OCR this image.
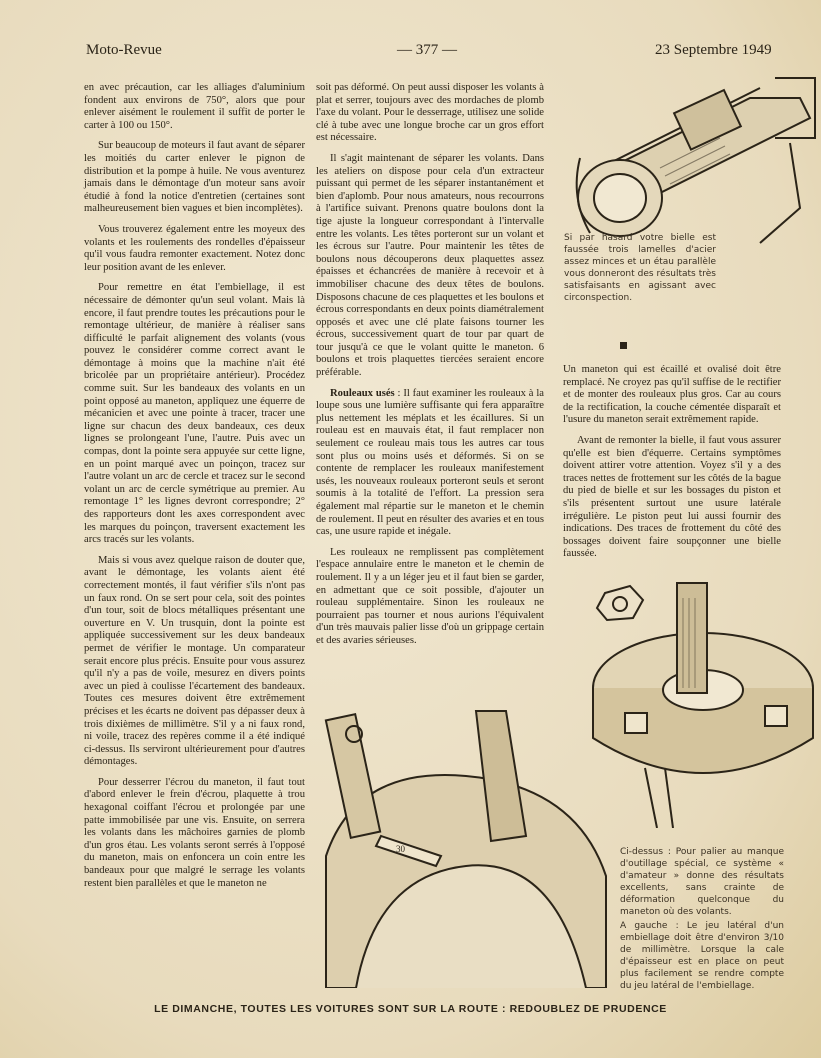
Moto-Revue	— 377 —	23 Septembre 1949

en avec précaution, car les alliages d'aluminium fondent aux environs de 750°, alors que pour enlever aisément le roulement il suffit de porter le carter à 100 ou 150°.

Sur beaucoup de moteurs il faut avant de séparer les moitiés du carter enlever le pignon de distribution et la pompe à huile. Ne vous aventurez jamais dans le démontage d'un moteur sans avoir étudié à fond la notice d'entretien (certaines sont malheureusement bien vagues et bien incomplètes).

Vous trouverez également entre les moyeux des volants et les roulements des rondelles d'épaisseur qu'il vous faudra remonter exactement. Notez donc leur position avant de les enlever.

Pour remettre en état l'embiellage, il est nécessaire de démonter qu'un seul volant. Mais là encore, il faut prendre toutes les précautions pour le remontage ultérieur, de manière à réaliser sans difficulté le parfait alignement des volants (vous pouvez le considérer comme correct avant le démontage à moins que la machine n'ait été bricolée par un propriétaire antérieur). Procédez comme suit. Sur les bandeaux des volants en un point opposé au maneton, appliquez une équerre de mécanicien et avec une pointe à tracer, tracer une ligne sur chacun des deux bandeaux, ces deux lignes se prolongeant l'une, l'autre. Puis avec un compas, dont la pointe sera appuyée sur cette ligne, en un point marqué avec un poinçon, tracez sur l'autre volant un arc de cercle et tracez sur le second volant un arc de cercle symétrique au premier. Au remontage 1° les lignes devront correspondre; 2° des rapporteurs dont les axes correspondent avec les marques du poinçon, traversent exactement les arcs tracés sur les volants.

Mais si vous avez quelque raison de douter que, avant le démontage, les volants aient été correctement montés, il faut vérifier s'ils n'ont pas un faux rond. On se sert pour cela, soit des pointes d'un tour, soit de blocs métalliques présentant une ouverture en V. Un trusquin, dont la pointe est appliquée successivement sur les deux bandeaux permet de vérifier le montage. Un comparateur serait encore plus précis. Ensuite pour vous assurez qu'il n'y a pas de voile, mesurez en divers points avec un pied à coulisse l'écartement des bandeaux. Toutes ces mesures doivent être extrêmement précises et les écarts ne doivent pas dépasser deux à trois dixièmes de millimètre. S'il y a ni faux rond, ni voile, tracez des repères comme il a été indiqué ci-dessus. Ils serviront ultérieurement pour d'autres démontages.

Pour desserrer l'écrou du maneton, il faut tout d'abord enlever le frein d'écrou, plaquette à trou hexagonal coiffant l'écrou et prolongée par une patte immobilisée par une vis. Ensuite, on serrera les volants dans les mâchoires garnies de plomb d'un gros étau. Les volants seront serrés à l'opposé du maneton, mais on enfoncera un coin entre les bandeaux pour que malgré le serrage les volants restent bien parallèles et que le maneton ne

soit pas déformé. On peut aussi disposer les volants à plat et serrer, toujours avec des mordaches de plomb l'axe du volant. Pour le desserrage, utilisez une solide clé à tube avec une longue broche car un gros effort est nécessaire.

Il s'agit maintenant de séparer les volants. Dans les ateliers on dispose pour cela d'un extracteur puissant qui permet de les séparer instantanément et bien d'aplomb. Pour nous amateurs, nous recourrons à l'artifice suivant. Prenons quatre boulons dont la tige ajuste la longueur correspondant à l'intervalle entre les volants. Les têtes porteront sur un volant et les écrous sur l'autre. Pour maintenir les têtes de boulons nous découperons deux plaquettes assez épaisses et échancrées de manière à recevoir et à immobiliser chacune des deux têtes de boulons. Disposons chacune de ces plaquettes et les boulons et écrous correspondants en deux points diamétralement opposés et avec une clé plate faisons tourner les écrous, successivement quart de tour par quart de tour jusqu'à ce que le volant quitte le maneton. 6 boulons et trois plaquettes tiercées seraient encore préférable.

Rouleaux usés : Il faut examiner les rouleaux à la loupe sous une lumière suffisante qui fera apparaître plus nettement les méplats et les écaillures. Si un rouleau est en mauvais état, il faut remplacer non seulement ce rouleau mais tous les autres car tous sont plus ou moins usés et déformés. Si on se contente de remplacer les rouleaux manifestement usés, les nouveaux rouleaux porteront seuls et seront soumis à la totalité de l'effort. La pression sera également mal répartie sur le maneton et le chemin de roulement. Il peut en résulter des avaries et en tous cas, une usure rapide et inégale.

Les rouleaux ne remplissent pas complètement l'espace annulaire entre le maneton et le chemin de roulement. Il y a un léger jeu et il faut bien se garder, en admettant que ce soit possible, d'ajouter un rouleau supplémentaire. Sinon les rouleaux ne pourraient pas tourner et nous aurions l'équivalent d'un très mauvais palier lisse d'où un grippage certain et des avaries sérieuses.

Si par hasard votre bielle est faussée trois lamelles d'acier assez minces et un étau parallèle vous donneront des résultats très satisfaisants en agissant avec circonspection.

Un maneton qui est écaillé et ovalisé doit être remplacé. Ne croyez pas qu'il suffise de le rectifier et de monter des rouleaux plus gros. Car au cours de la rectification, la couche cémentée disparaît et l'usure du maneton serait extrêmement rapide.

Avant de remonter la bielle, il faut vous assurer qu'elle est bien d'équerre. Certains symptômes doivent attirer votre attention. Voyez s'il y a des traces nettes de frottement sur les côtés de la bague du pied de bielle et sur les bossages du piston et s'ils présentent surtout une usure latérale irrégulière. Le piston peut lui aussi fournir des indications. Des traces de frottement du côté des bossages doivent faire soupçonner une bielle faussée.

Ci-dessus : Pour palier au manque d'outillage spécial, ce système « d'amateur » donne des résultats excellents, sans crainte de déformation quelconque du maneton où des volants.

A gauche : Le jeu latéral d'un embiellage doit être d'environ 3/10 de millimètre. Lorsque la cale d'épaisseur est en place on peut plus facilement se rendre compte du jeu latéral de l'embiellage.

30
LE DIMANCHE, TOUTES LES VOITURES SONT SUR LA ROUTE : REDOUBLEZ DE PRUDENCE
